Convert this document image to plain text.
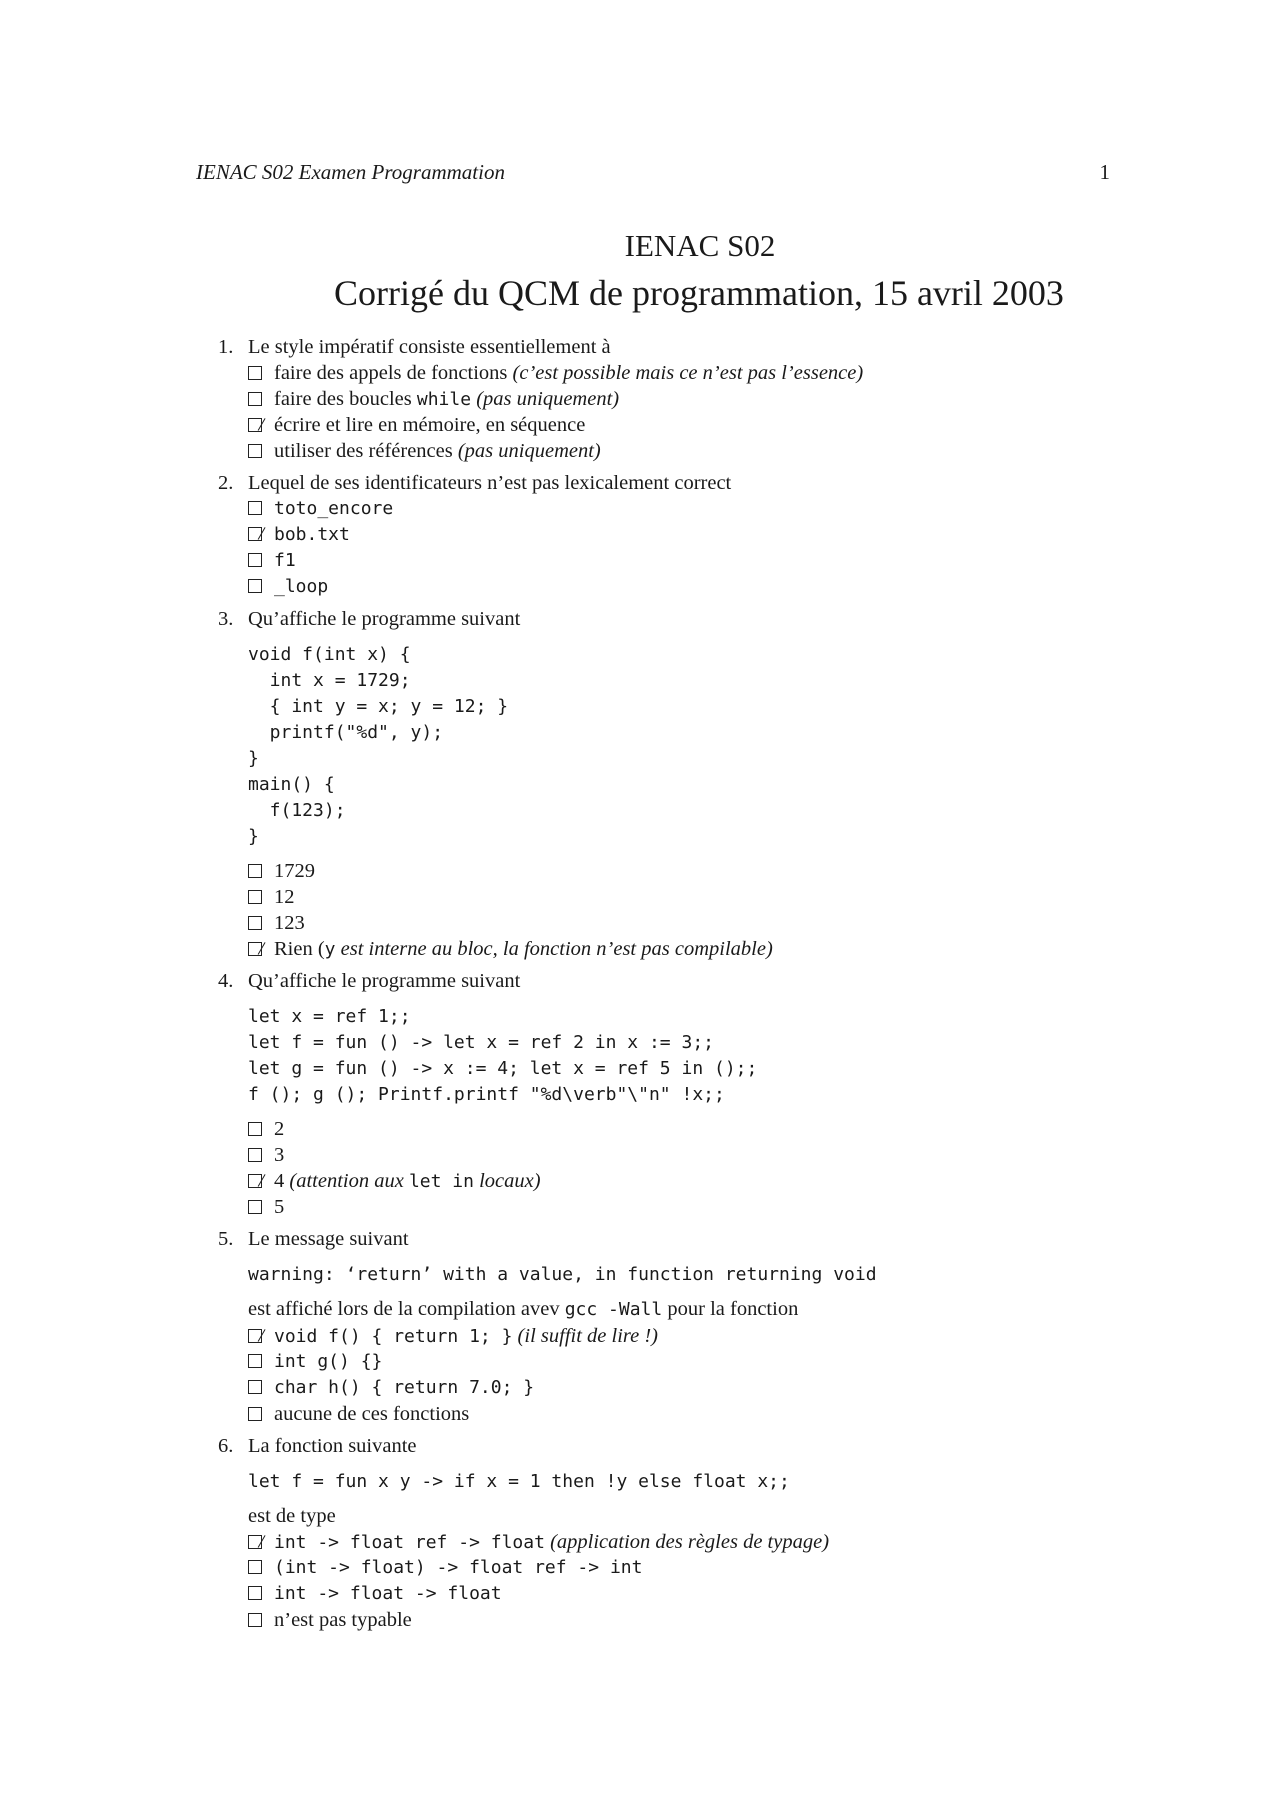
IENAC S02 Examen Programmation	1
IENAC S02
Corrigé du QCM de programmation, 15 avril 2003
1. Le style impératif consiste essentiellement à
faire des appels de fonctions
(c’est possible mais ce n’est pas l’essence)
faire des boucles
while
(pas uniquement)
écrire et lire en mémoire, en séquence
utiliser des références
(pas uniquement)
2. Lequel de ses identificateurs n’est pas lexicalement correct
toto_encore
bob.txt
f1
_loop
3. Qu’affiche le programme suivant
void f(int x) {
int x = 1729;
{ int y = x; y = 12; }
printf("%d", y);
}
main() {
f(123);
}
1729
12
123
Rien
( y
est interne au bloc, la fonction n’est pas compilable)
4. Qu’affiche le programme suivant
let x = ref 1;;
let f = fun () -> let x = ref 2 in x := 3;;
let g = fun () -> x := 4; let x = ref 5 in ();;
f (); g (); Printf.printf "%d\verb"\"n" !x;;
2
3
4
(attention aux
let in
locaux)
5
5. Le message suivant
warning: ‘return’ with a value, in function returning void
est affiché lors de la compilation avev gcc -Wall pour la fonction
void f() { return 1; }
(il suffit de lire !)
int g() {}
char h() { return 7.0; }
aucune de ces fonctions
6. La fonction suivante
let f = fun x y -> if x = 1 then !y else float x;;
est de type
int -> float ref -> float
(application des règles de typage)
(int -> float) -> float ref -> int
int -> float -> float
n’est pas typable
